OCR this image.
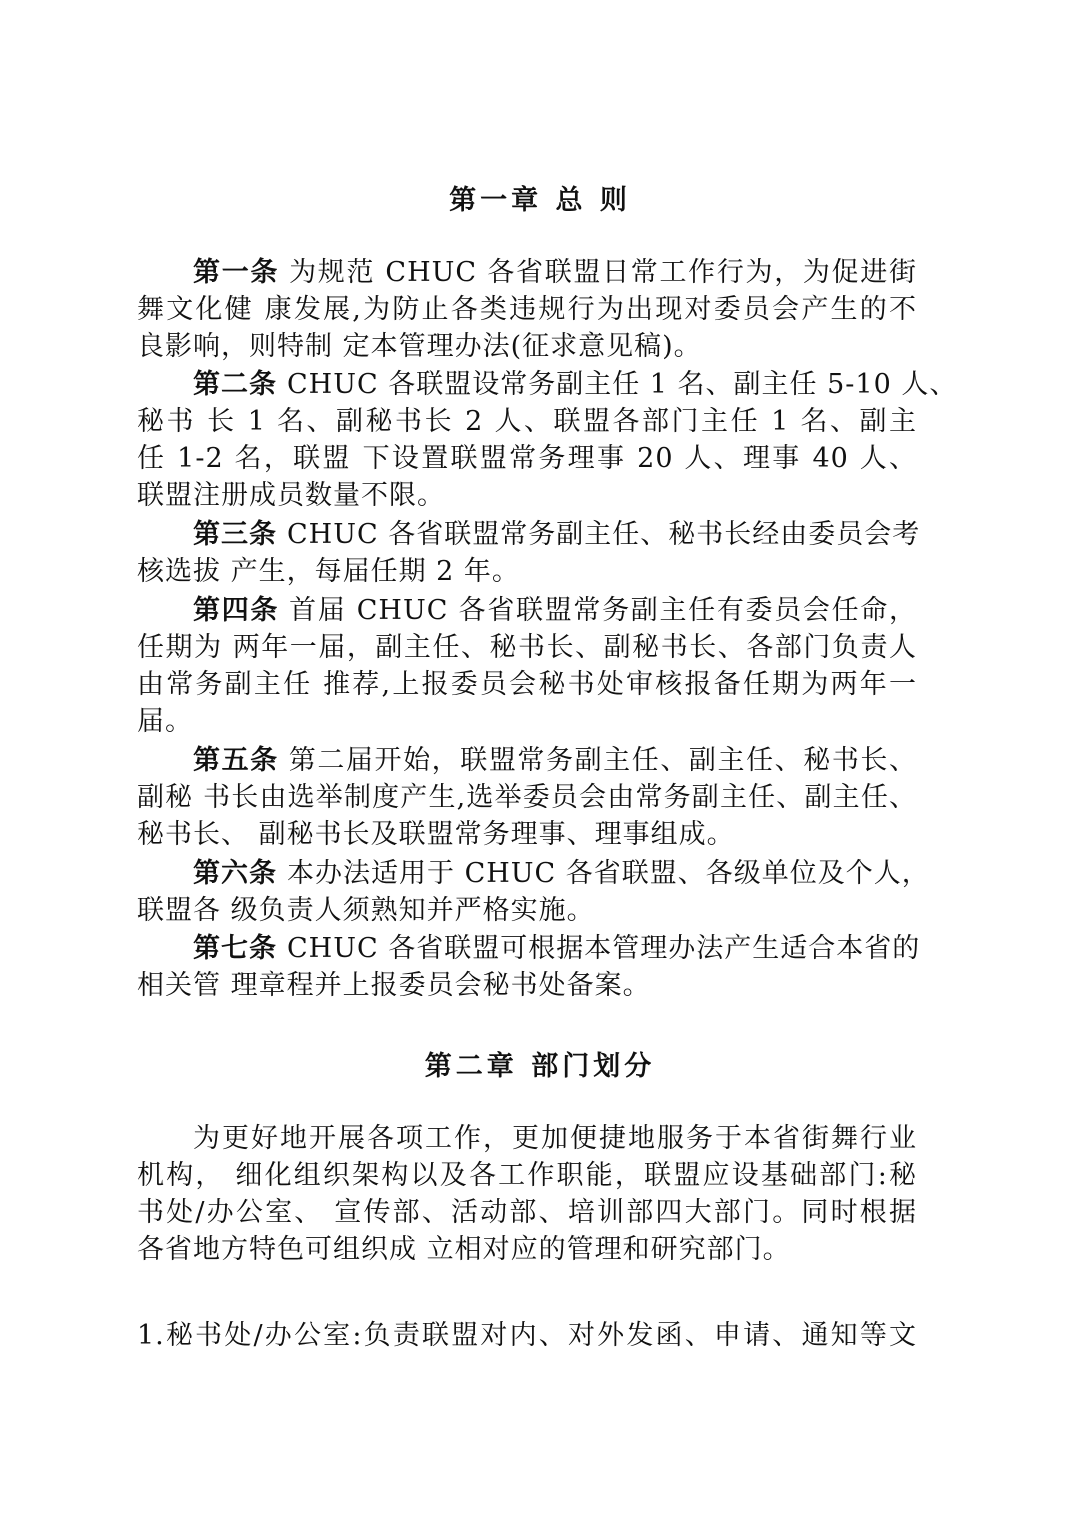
第一章 总 则
第一条 为规范 CHUC 各省联盟日常工作行为，为促进街
舞文化健 康发展,为防止各类违规行为出现对委员会产生的不
良影响，则特制 定本管理办法(征求意见稿)。
第二条 CHUC 各联盟设常务副主任 1 名、副主任 5-10 人、
秘书 长 1 名、副秘书长 2 人、联盟各部门主任 1 名、副主
任 1-2 名，联盟 下设置联盟常务理事 20 人、理事 40 人、
联盟注册成员数量不限。
第三条 CHUC 各省联盟常务副主任、秘书长经由委员会考
核选拔 产生，每届任期 2 年。
第四条 首届 CHUC 各省联盟常务副主任有委员会任命，
任期为 两年一届，副主任、秘书长、副秘书长、各部门负责人
由常务副主任 推荐,上报委员会秘书处审核报备任期为两年一
届。
第五条 第二届开始，联盟常务副主任、副主任、秘书长、
副秘 书长由选举制度产生,选举委员会由常务副主任、副主任、
秘书长、 副秘书长及联盟常务理事、理事组成。
第六条 本办法适用于 CHUC 各省联盟、各级单位及个人，
联盟各 级负责人须熟知并严格实施。
第七条 CHUC 各省联盟可根据本管理办法产生适合本省的
相关管 理章程并上报委员会秘书处备案。
第二章 部门划分
为更好地开展各项工作，更加便捷地服务于本省街舞行业
机构， 细化组织架构以及各工作职能，联盟应设基础部门:秘
书处/办公室、 宣传部、活动部、培训部四大部门。同时根据
各省地方特色可组织成 立相对应的管理和研究部门。

1.秘书处/办公室:负责联盟对内、对外发函、申请、通知等文
